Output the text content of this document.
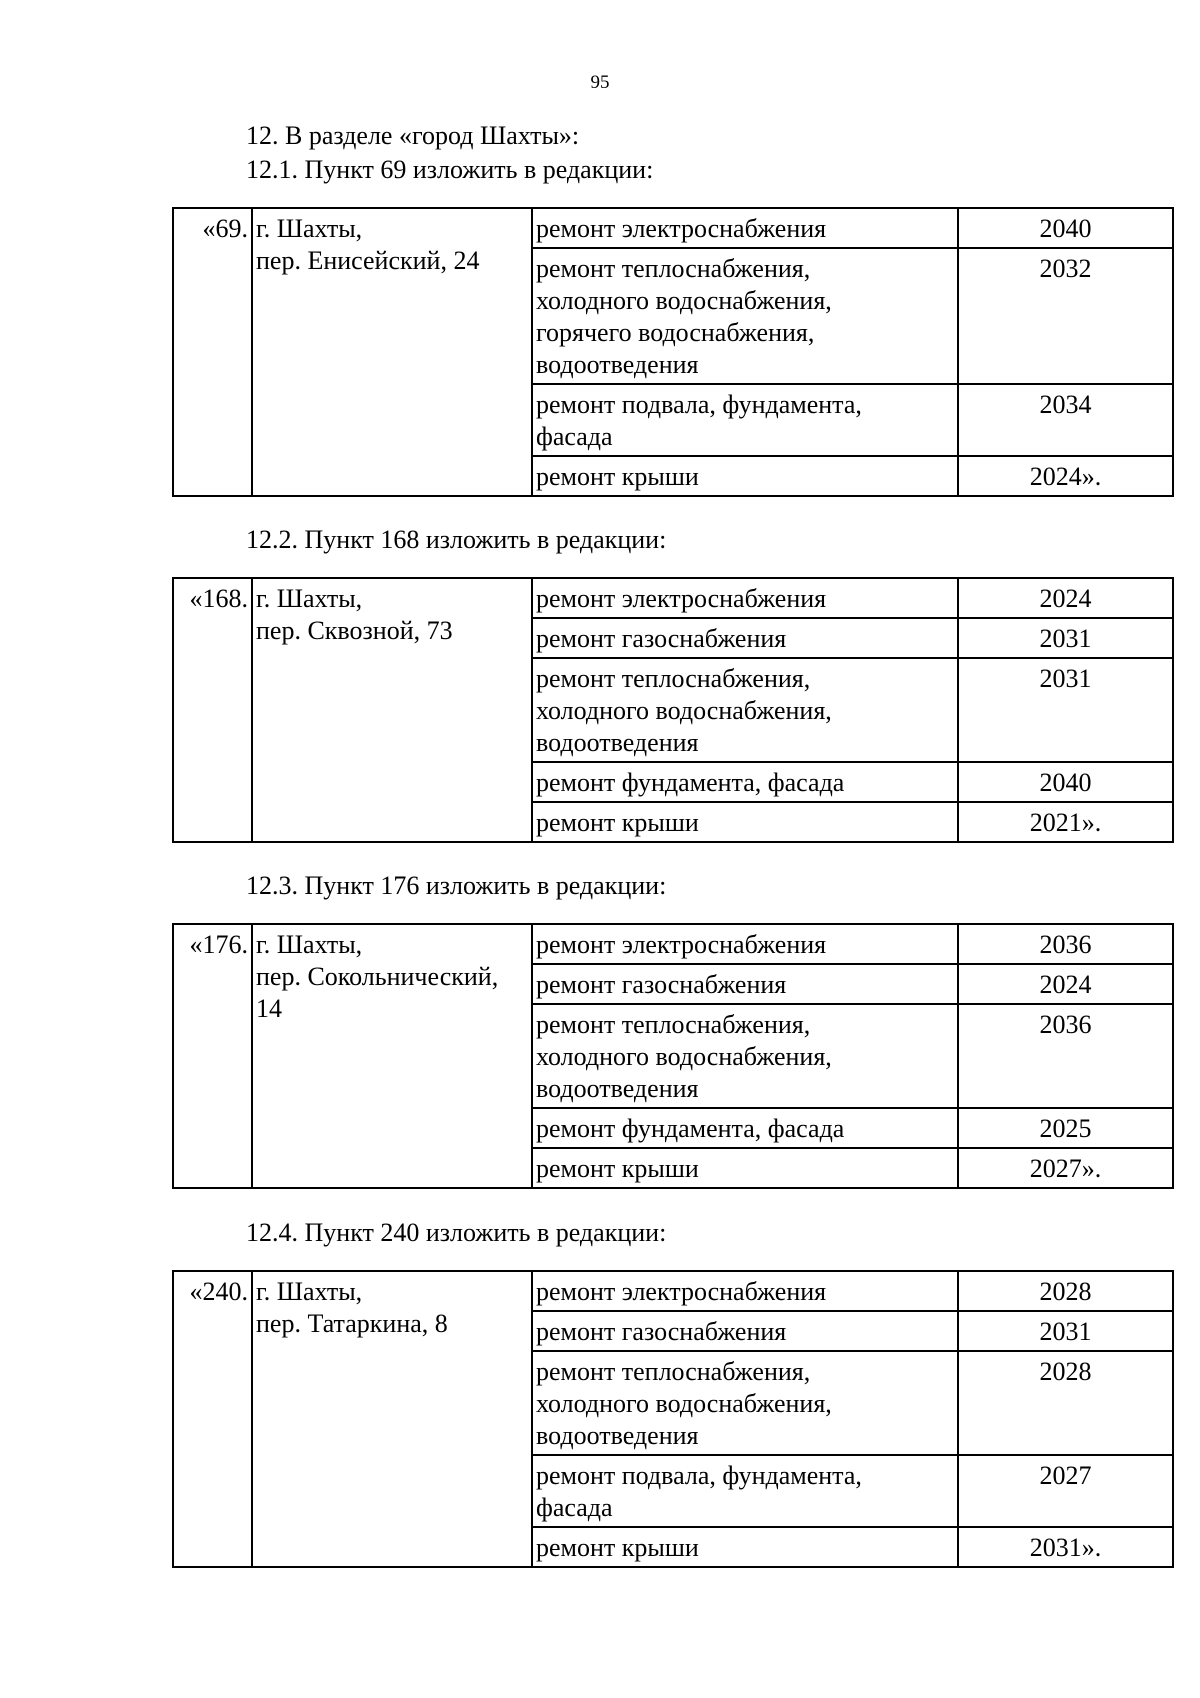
95
12. В разделе «город Шахты»:
12.1. Пункт 69 изложить в редакции:
«69.	г. Шахты,
пер. Енисейский, 24	ремонт электроснабжения	2040

		ремонт теплоснабжения,
холодного водоснабжения,
горячего водоснабжения,
водоотведения	2032

		ремонт подвала, фундамента,
фасада	2034
		ремонт крыши	2024».
12.2. Пункт 168 изложить в редакции:
«168.	г. Шахты,
пер. Сквозной, 73	ремонт электроснабжения	2024
		ремонт газоснабжения	2031

		ремонт теплоснабжения,
холодного водоснабжения,
водоотведения	2031
		ремонт фундамента, фасада	2040
		ремонт крыши	2021».
12.3. Пункт 176 изложить в редакции:
«176.	г. Шахты,
пер. Сокольнический,
14	ремонт электроснабжения	2036
		ремонт газоснабжения	2024

		ремонт теплоснабжения,
холодного водоснабжения,
водоотведения	2036
		ремонт фундамента, фасада	2025
		ремонт крыши	2027».
12.4. Пункт 240 изложить в редакции:
«240.	г. Шахты,
пер. Татаркина, 8	ремонт электроснабжения	2028
		ремонт газоснабжения	2031

		ремонт теплоснабжения,
холодного водоснабжения,
водоотведения	2028

		ремонт подвала, фундамента,
фасада	2027
		ремонт крыши	2031».
